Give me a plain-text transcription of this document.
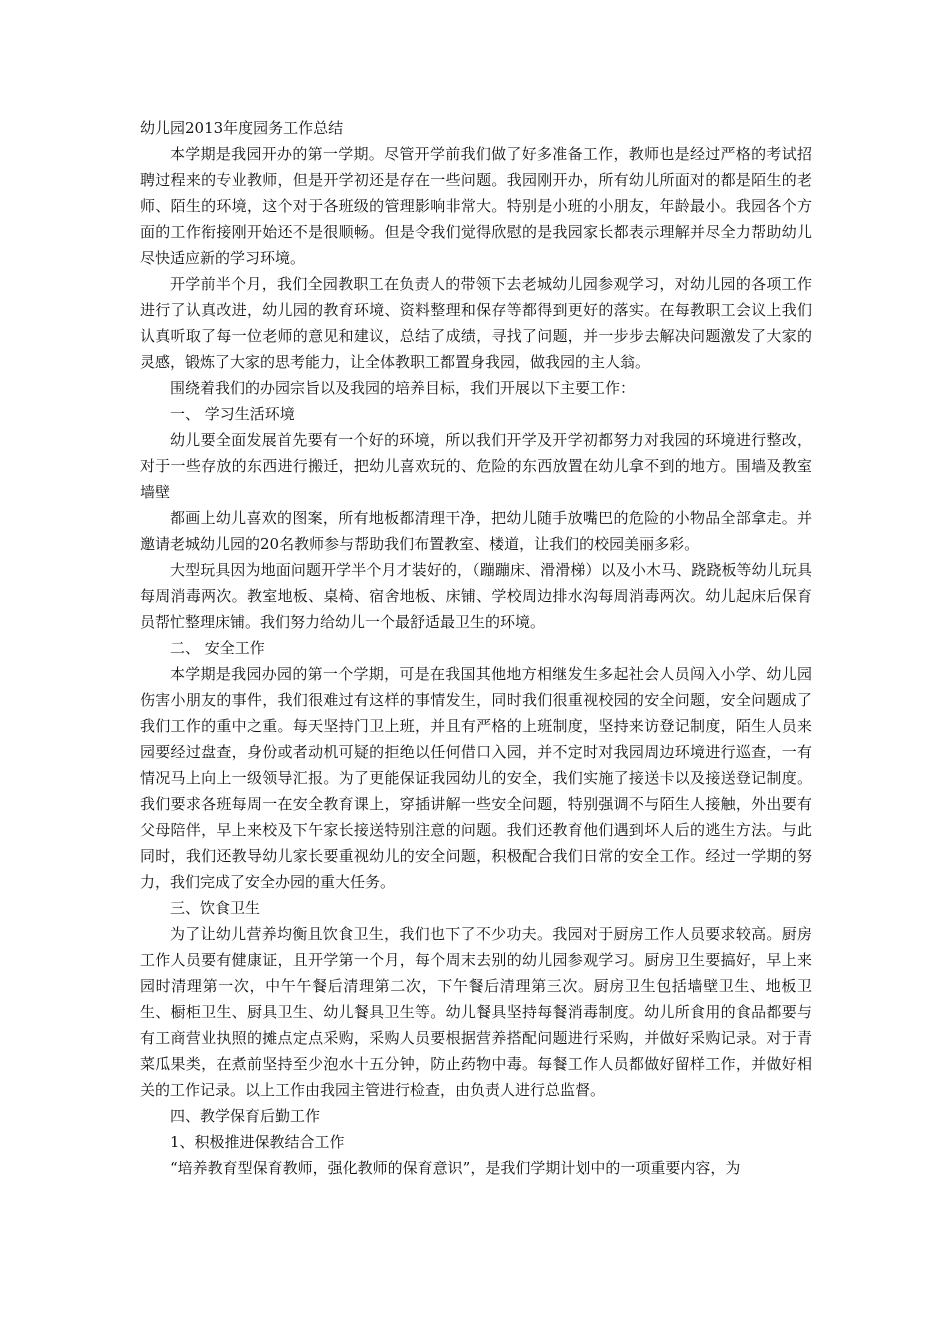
幼儿园2013年度园务工作总结

本学期是我园开办的第一学期。尽管开学前我们做了好多准备工作，教师也是经过严格的考试招聘过程来的专业教师，但是开学初还是存在一些问题。我园刚开办，所有幼儿所面对的都是陌生的老师、陌生的环境，这个对于各班级的管理影响非常大。特别是小班的小朋友，年龄最小。我园各个方面的工作衔接刚开始还不是很顺畅。但是令我们觉得欣慰的是我园家长都表示理解并尽全力帮助幼儿尽快适应新的学习环境。

开学前半个月，我们全园教职工在负责人的带领下去老城幼儿园参观学习，对幼儿园的各项工作进行了认真改进，幼儿园的教育环境、资料整理和保存等都得到更好的落实。在每教职工会议上我们认真听取了每一位老师的意见和建议，总结了成绩，寻找了问题，并一步步去解决问题激发了大家的灵感，锻炼了大家的思考能力，让全体教职工都置身我园，做我园的主人翁。

围绕着我们的办园宗旨以及我园的培养目标，我们开展以下主要工作：

一、 学习生活环境

幼儿要全面发展首先要有一个好的环境，所以我们开学及开学初都努力对我园的环境进行整改，对于一些存放的东西进行搬迁，把幼儿喜欢玩的、危险的东西放置在幼儿拿不到的地方。围墙及教室墙壁

都画上幼儿喜欢的图案，所有地板都清理干净，把幼儿随手放嘴巴的危险的小物品全部拿走。并邀请老城幼儿园的20名教师参与帮助我们布置教室、楼道，让我们的校园美丽多彩。

大型玩具因为地面问题开学半个月才装好的，（蹦蹦床、滑滑梯）以及小木马、跷跷板等幼儿玩具每周消毒两次。教室地板、桌椅、宿舍地板、床铺、学校周边排水沟每周消毒两次。幼儿起床后保育员帮忙整理床铺。我们努力给幼儿一个最舒适最卫生的环境。

二、 安全工作

本学期是我园办园的第一个学期，可是在我国其他地方相继发生多起社会人员闯入小学、幼儿园伤害小朋友的事件，我们很难过有这样的事情发生，同时我们很重视校园的安全问题，安全问题成了我们工作的重中之重。每天坚持门卫上班，并且有严格的上班制度，坚持来访登记制度，陌生人员来园要经过盘查，身份或者动机可疑的拒绝以任何借口入园，并不定时对我园周边环境进行巡查，一有情况马上向上一级领导汇报。为了更能保证我园幼儿的安全，我们实施了接送卡以及接送登记制度。我们要求各班每周一在安全教育课上，穿插讲解一些安全问题，特别强调不与陌生人接触，外出要有父母陪伴，早上来校及下午家长接送特别注意的问题。我们还教育他们遇到坏人后的逃生方法。与此同时，我们还教导幼儿家长要重视幼儿的安全问题，积极配合我们日常的安全工作。经过一学期的努力，我们完成了安全办园的重大任务。

三、饮食卫生

为了让幼儿营养均衡且饮食卫生，我们也下了不少功夫。我园对于厨房工作人员要求较高。厨房工作人员要有健康证，且开学第一个月，每个周末去别的幼儿园参观学习。厨房卫生要搞好，早上来园时清理第一次，中午午餐后清理第二次，下午餐后清理第三次。厨房卫生包括墙壁卫生、地板卫生、橱柜卫生、厨具卫生、幼儿餐具卫生等。幼儿餐具坚持每餐消毒制度。幼儿所食用的食品都要与有工商营业执照的摊点定点采购，采购人员要根据营养搭配问题进行采购，并做好采购记录。对于青菜瓜果类，在煮前坚持至少泡水十五分钟，防止药物中毒。每餐工作人员都做好留样工作，并做好相关的工作记录。以上工作由我园主管进行检查，由负责人进行总监督。

四、教学保育后勤工作
1、积极推进保教结合工作

“培养教育型保育教师，强化教师的保育意识”，是我们学期计划中的一项重要内容，为
